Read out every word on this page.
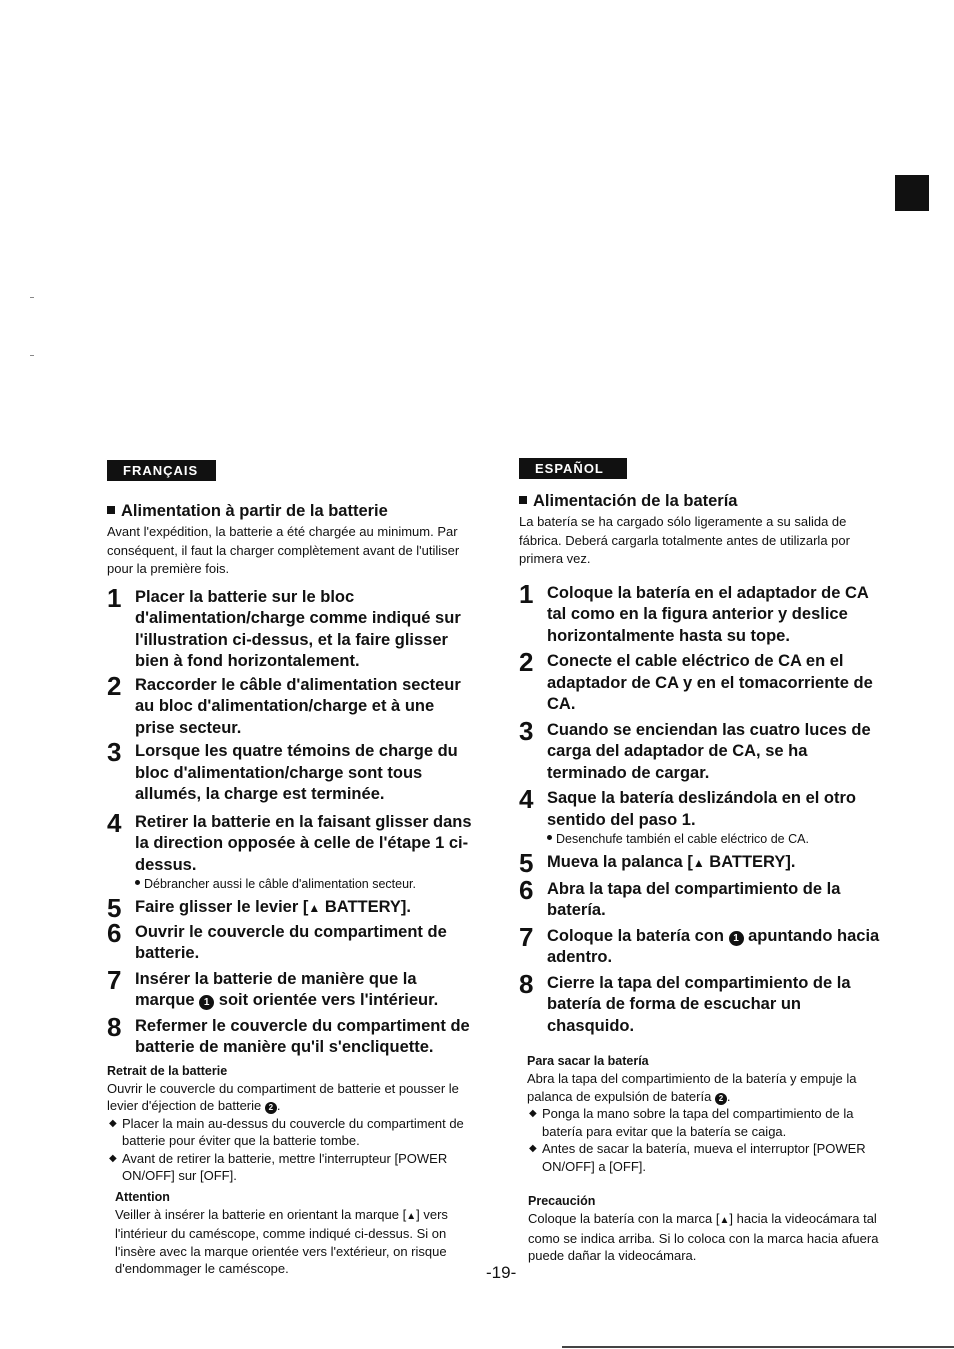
FRANÇAIS
Alimentation à partir de la batterie
Avant l'expédition, la batterie a été chargée au minimum. Par conséquent, il faut la charger complètement avant de l'utiliser pour la première fois.
1 Placer la batterie sur le bloc d'alimentation/charge comme indiqué sur l'illustration ci-dessus, et la faire glisser bien à fond horizontalement.
2 Raccorder le câble d'alimentation secteur au bloc d'alimentation/charge et à une prise secteur.
3 Lorsque les quatre témoins de charge du bloc d'alimentation/charge sont tous allumés, la charge est terminée.
4 Retirer la batterie en la faisant glisser dans la direction opposée à celle de l'étape 1 ci-dessus.
Débrancher aussi le câble d'alimentation secteur.
5 Faire glisser le levier [▲ BATTERY].
6 Ouvrir le couvercle du compartiment de batterie.
7 Insérer la batterie de manière que la marque 1 soit orientée vers l'intérieur.
8 Refermer le couvercle du compartiment de batterie de manière qu'il s'encliquette.
Retrait de la batterie
Ouvrir le couvercle du compartiment de batterie et pousser le levier d'éjection de batterie 2 .
◆ Placer la main au-dessus du couvercle du compartiment de batterie pour éviter que la batterie tombe.
◆ Avant de retirer la batterie, mettre l'interrupteur [POWER ON/OFF] sur [OFF].
Attention
Veiller à insérer la batterie en orientant la marque [▲] vers l'intérieur du caméscope, comme indiqué ci-dessus. Si on l'insère avec la marque orientée vers l'extérieur, on risque d'endommager le caméscope.
ESPAÑOL
Alimentación de la batería
La batería se ha cargado sólo ligeramente a su salida de fábrica. Deberá cargarla totalmente antes de utilizarla por primera vez.
1 Coloque la batería en el adaptador de CA tal como en la figura anterior y deslice horizontalmente hasta su tope.
2 Conecte el cable eléctrico de CA en el adaptador de CA y en el tomacorriente de CA.
3 Cuando se enciendan las cuatro luces de carga del adaptador de CA, se ha terminado de cargar.
4 Saque la batería deslizándola en el otro sentido del paso 1.
Desenchufe también el cable eléctrico de CA.
5 Mueva la palanca [▲ BATTERY].
6 Abra la tapa del compartimiento de la batería.
7 Coloque la batería con 1 apuntando hacia adentro.
8 Cierre la tapa del compartimiento de la batería de forma de escuchar un chasquido.
Para sacar la batería
Abra la tapa del compartimiento de la batería y empuje la palanca de expulsión de batería 2 .
◆ Ponga la mano sobre la tapa del compartimiento de la batería para evitar que la batería se caiga.
◆ Antes de sacar la batería, mueva el interruptor [POWER ON/OFF] a [OFF].
Precaución
Coloque la batería con la marca [▲] hacia la videocámara tal como se indica arriba. Si lo coloca con la marca hacia afuera puede dañar la videocámara.
-19-
